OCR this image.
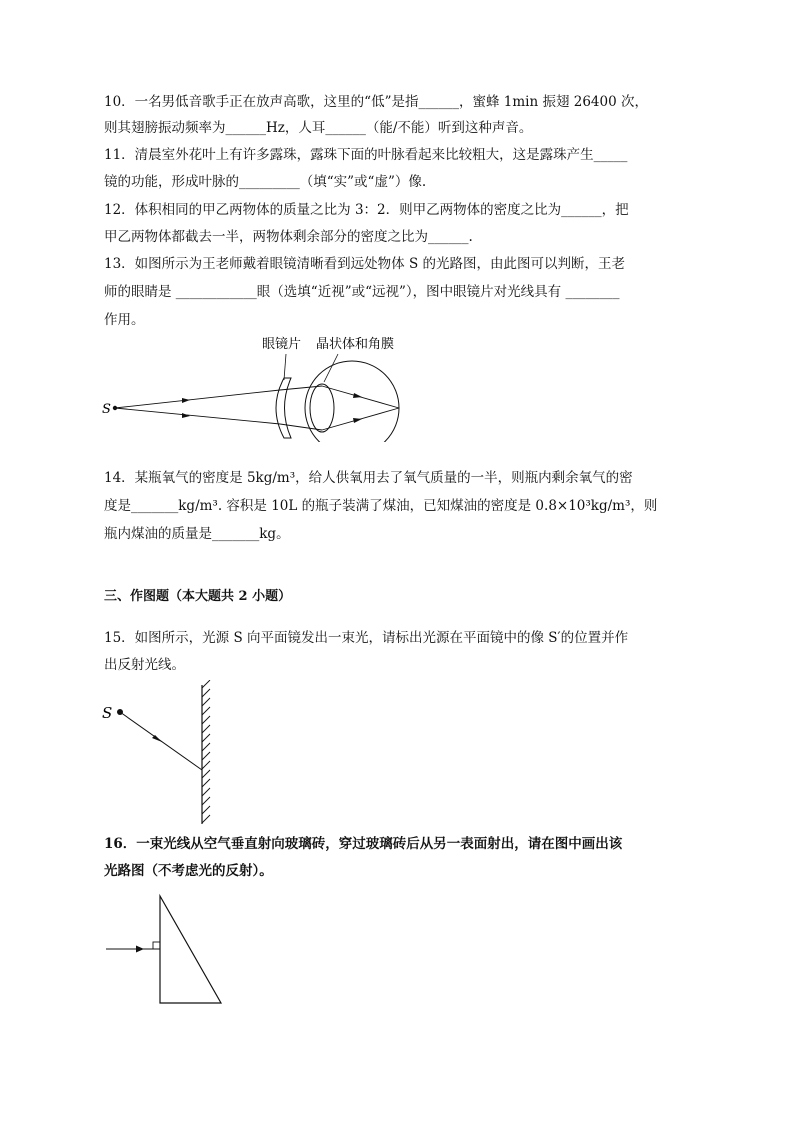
10．一名男低音歌手正在放声高歌，这里的“低”是指______，蜜蜂 1min 振翅 26400 次，
则其翅膀振动频率为______Hz，人耳______（能/不能）听到这种声音。
11．清晨室外花叶上有许多露珠，露珠下面的叶脉看起来比较粗大，这是露珠产生_____
镜的功能，形成叶脉的_________（填“实”或“虚”）像.
12．体积相同的甲乙两物体的质量之比为 3：2．则甲乙两物体的密度之比为______，把
甲乙两物体都截去一半，两物体剩余部分的密度之比为______.
13．如图所示为王老师戴着眼镜清晰看到远处物体 S 的光路图，由此图可以判断，王老
师的眼睛是 ____________眼（选填“近视”或“远视”），图中眼镜片对光线具有 ________
作用。
眼镜片 晶状体和角膜
S
14．某瓶氧气的密度是 5kg/m³，给人供氧用去了氧气质量的一半，则瓶内剩余氧气的密
度是_______kg/m³. 容积是 10L 的瓶子装满了煤油，已知煤油的密度是 0.8×10³kg/m³，则
瓶内煤油的质量是_______kg。
三、作图题（本大题共 2 小题）
15．如图所示，光源 S 向平面镜发出一束光，请标出光源在平面镜中的像 S′的位置并作
出反射光线。
S
16．一束光线从空气垂直射向玻璃砖，穿过玻璃砖后从另一表面射出，请在图中画出该
光路图（不考虑光的反射）。
